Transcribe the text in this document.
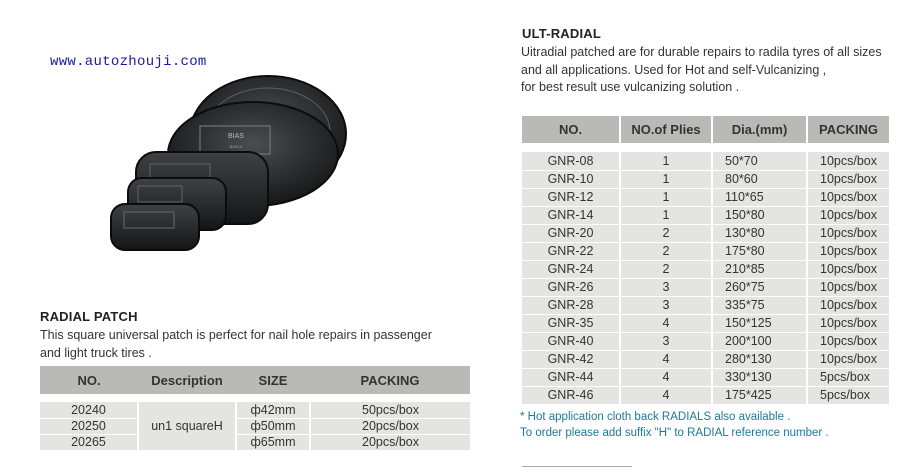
www.autozhouji.com
BIAS
BIAS-4
RADIAL PATCH
This square universal patch is perfect for nail hole repairs in passenger
and light truck tires .
NO.	Description	SIZE	PACKING

20240	un1 squareH	ф42mm	50pcs/box
20250		ф50mm	20pcs/box
20265		ф65mm	20pcs/box
ULT-RADIAL
Uitradial patched are for durable repairs to radila tyres of all sizes
and all applications. Used for Hot and self-Vulcanizing ,
for best result use vulcanizing solution .
NO.	NO.of Plies	Dia.(mm)	PACKING

GNR-08	1	50*70	10pcs/box
GNR-10	1	80*60	10pcs/box
GNR-12	1	110*65	10pcs/box
GNR-14	1	150*80	10pcs/box
GNR-20	2	130*80	10pcs/box
GNR-22	2	175*80	10pcs/box
GNR-24	2	210*85	10pcs/box
GNR-26	3	260*75	10pcs/box
GNR-28	3	335*75	10pcs/box
GNR-35	4	150*125	10pcs/box
GNR-40	3	200*100	10pcs/box
GNR-42	4	280*130	10pcs/box
GNR-44	4	330*130	5pcs/box
GNR-46	4	175*425	5pcs/box
* Hot application cloth back RADIALS also available .
To order please add suffix "H" to RADIAL reference number .
